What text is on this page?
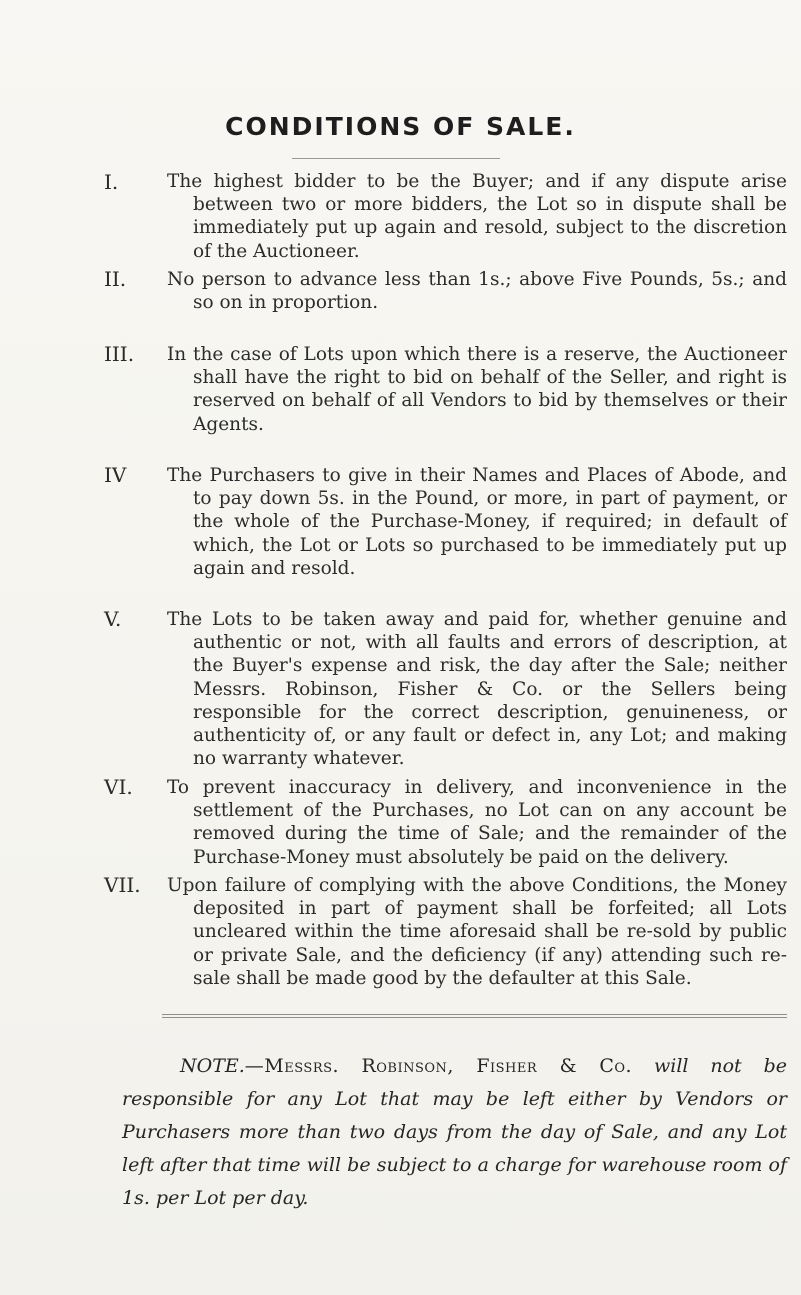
CONDITIONS OF SALE.
I.	The highest bidder to be the Buyer; and if any dispute arise between two or more bidders, the Lot so in dispute shall be immediately put up again and resold, subject to the discretion of the Auctioneer.
II.	No person to advance less than 1s.; above Five Pounds, 5s.; and so on in proportion.
III.	In the case of Lots upon which there is a reserve, the Auctioneer shall have the right to bid on behalf of the Seller, and right is reserved on behalf of all Vendors to bid by themselves or their Agents.
IV	The Purchasers to give in their Names and Places of Abode, and to pay down 5s. in the Pound, or more, in part of payment, or the whole of the Purchase-Money, if required; in default of which, the Lot or Lots so purchased to be immediately put up again and resold.
V.	The Lots to be taken away and paid for, whether genuine and authentic or not, with all faults and errors of description, at the Buyer's expense and risk, the day after the Sale; neither Messrs. Robinson, Fisher & Co. or the Sellers being responsible for the correct description, genuineness, or authenticity of, or any fault or defect in, any Lot; and making no warranty whatever.
VI.	To prevent inaccuracy in delivery, and inconvenience in the settlement of the Purchases, no Lot can on any account be removed during the time of Sale; and the remainder of the Purchase-Money must absolutely be paid on the delivery.
VII.	Upon failure of complying with the above Conditions, the Money deposited in part of payment shall be forfeited; all Lots uncleared within the time aforesaid shall be re-sold by public or private Sale, and the deficiency (if any) attending such re-sale shall be made good by the defaulter at this Sale.
NOTE.—Messrs. Robinson, Fisher & Co. will not be responsible for any Lot that may be left either by Vendors or Purchasers more than two days from the day of Sale, and any Lot left after that time will be subject to a charge for warehouse room of 1s. per Lot per day.
